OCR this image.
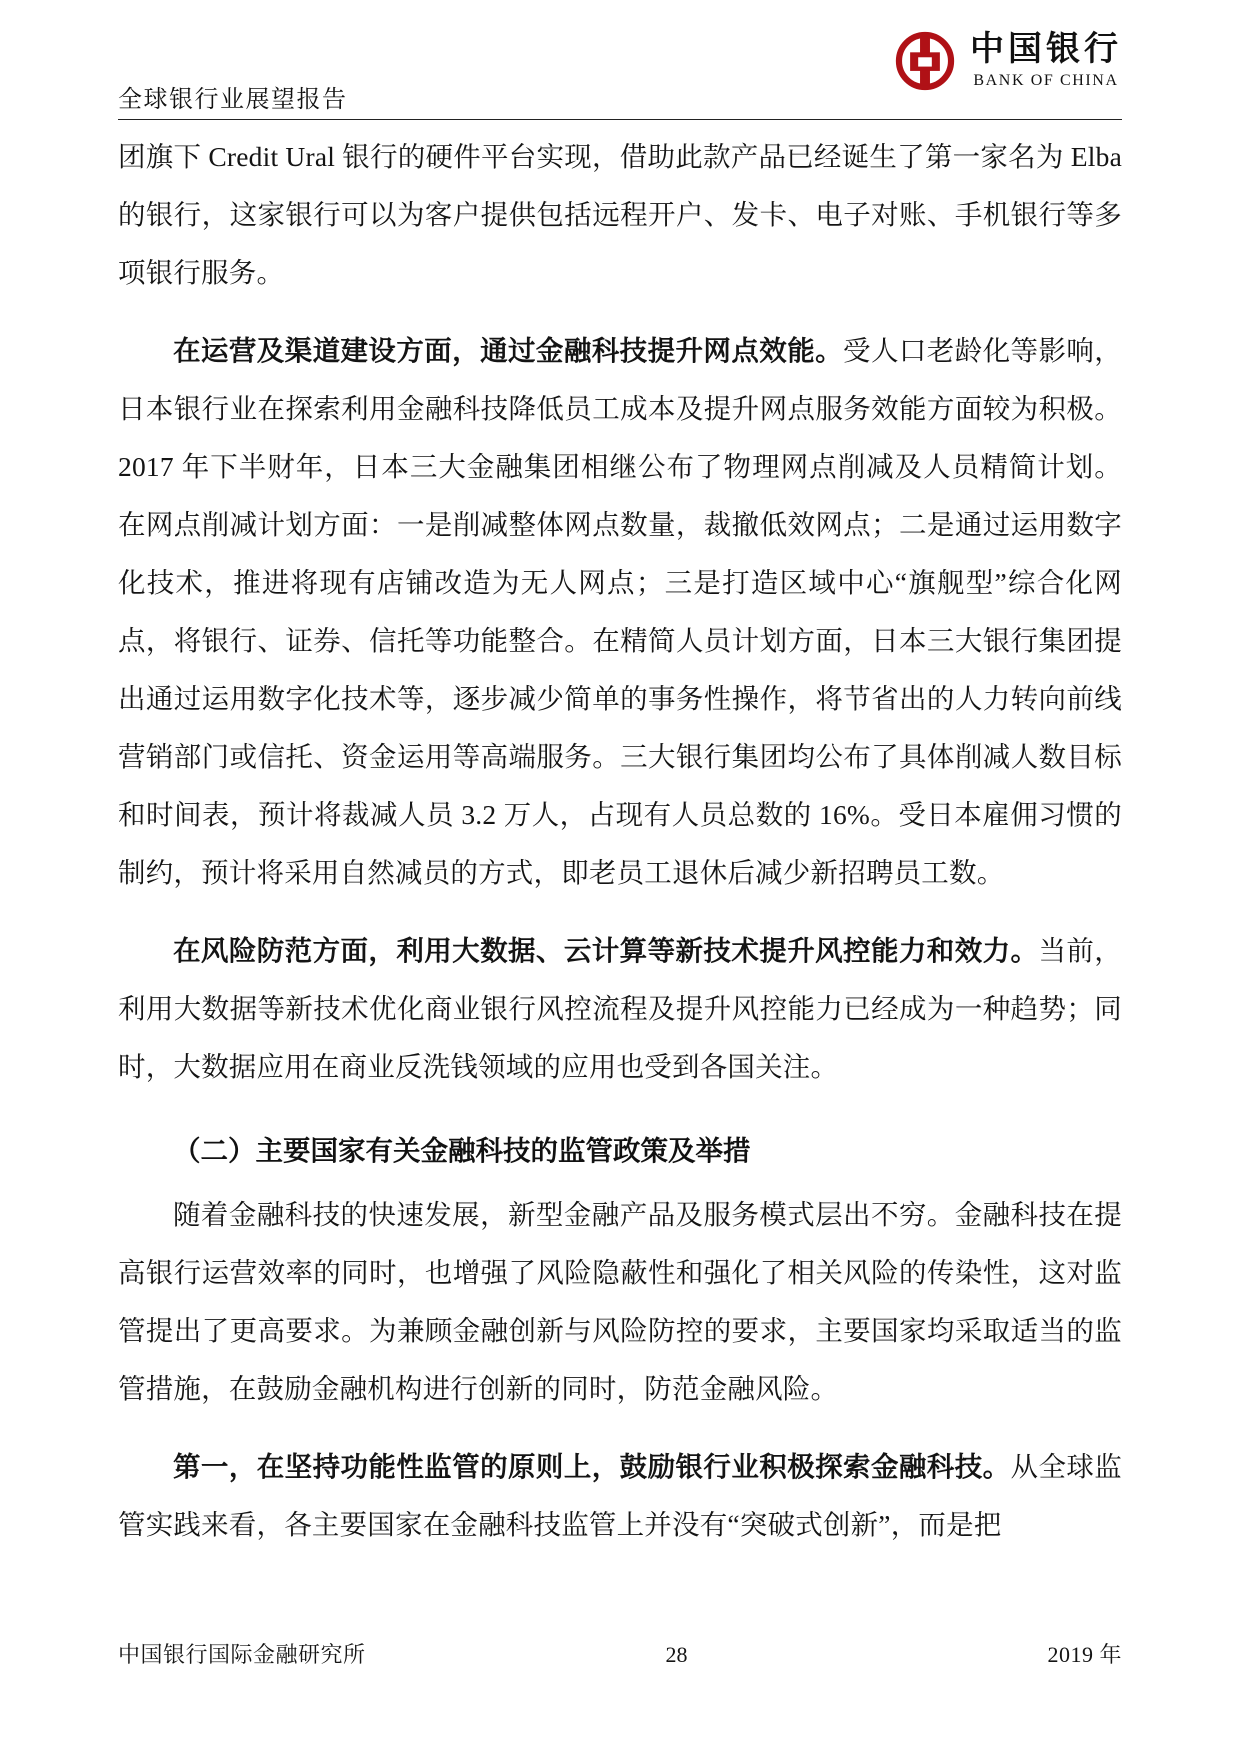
全球银行业展望报告
中国银行
BANK OF CHINA

团旗下 Credit Ural 银行的硬件平台实现，借助此款产品已经诞生了第一家名为 Elba 的银行，这家银行可以为客户提供包括远程开户、发卡、电子对账、手机银行等多项银行服务。

在运营及渠道建设方面，通过金融科技提升网点效能。受人口老龄化等影响，日本银行业在探索利用金融科技降低员工成本及提升网点服务效能方面较为积极。2017 年下半财年，日本三大金融集团相继公布了物理网点削减及人员精简计划。在网点削减计划方面：一是削减整体网点数量，裁撤低效网点；二是通过运用数字化技术，推进将现有店铺改造为无人网点；三是打造区域中心“旗舰型”综合化网点，将银行、证券、信托等功能整合。在精简人员计划方面，日本三大银行集团提出通过运用数字化技术等，逐步减少简单的事务性操作，将节省出的人力转向前线营销部门或信托、资金运用等高端服务。三大银行集团均公布了具体削减人数目标和时间表，预计将裁减人员 3.2 万人，占现有人员总数的 16%。受日本雇佣习惯的制约，预计将采用自然减员的方式，即老员工退休后减少新招聘员工数。

在风险防范方面，利用大数据、云计算等新技术提升风控能力和效力。当前，利用大数据等新技术优化商业银行风控流程及提升风控能力已经成为一种趋势；同时，大数据应用在商业反洗钱领域的应用也受到各国关注。

（二）主要国家有关金融科技的监管政策及举措

随着金融科技的快速发展，新型金融产品及服务模式层出不穷。金融科技在提高银行运营效率的同时，也增强了风险隐蔽性和强化了相关风险的传染性，这对监管提出了更高要求。为兼顾金融创新与风险防控的要求，主要国家均采取适当的监管措施，在鼓励金融机构进行创新的同时，防范金融风险。

第一，在坚持功能性监管的原则上，鼓励银行业积极探索金融科技。从全球监管实践来看，各主要国家在金融科技监管上并没有“突破式创新”，而是把

中国银行国际金融研究所	28	2019 年
